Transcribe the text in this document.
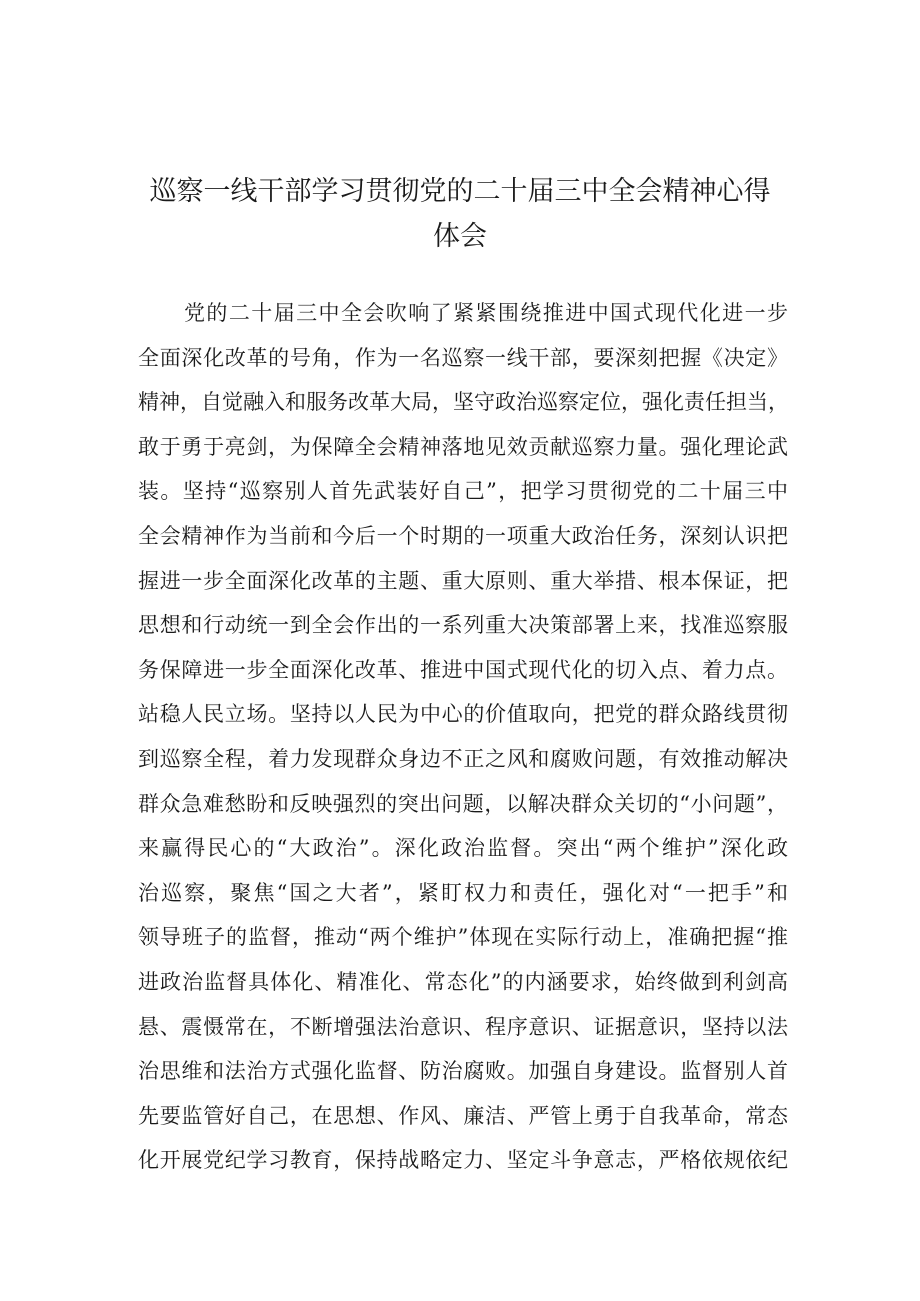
巡察一线干部学习贯彻党的二十届三中全会精神心得
体会
党的二十届三中全会吹响了紧紧围绕推进中国式现代化进一步
全面深化改革的号角，作为一名巡察一线干部，要深刻把握《决定》
精神，自觉融入和服务改革大局，坚守政治巡察定位，强化责任担当，
敢于勇于亮剑，为保障全会精神落地见效贡献巡察力量。强化理论武
装。坚持“巡察别人首先武装好自己”，把学习贯彻党的二十届三中
全会精神作为当前和今后一个时期的一项重大政治任务，深刻认识把
握进一步全面深化改革的主题、重大原则、重大举措、根本保证，把
思想和行动统一到全会作出的一系列重大决策部署上来，找准巡察服
务保障进一步全面深化改革、推进中国式现代化的切入点、着力点。
站稳人民立场。坚持以人民为中心的价值取向，把党的群众路线贯彻
到巡察全程，着力发现群众身边不正之风和腐败问题，有效推动解决
群众急难愁盼和反映强烈的突出问题，以解决群众关切的“小问题”，
来赢得民心的“大政治”。深化政治监督。突出“两个维护”深化政
治巡察，聚焦“国之大者”，紧盯权力和责任，强化对“一把手”和
领导班子的监督，推动“两个维护”体现在实际行动上，准确把握“推
进政治监督具体化、精准化、常态化”的内涵要求，始终做到利剑高
悬、震慑常在，不断增强法治意识、程序意识、证据意识，坚持以法
治思维和法治方式强化监督、防治腐败。加强自身建设。监督别人首
先要监管好自己，在思想、作风、廉洁、严管上勇于自我革命，常态
化开展党纪学习教育，保持战略定力、坚定斗争意志，严格依规依纪
